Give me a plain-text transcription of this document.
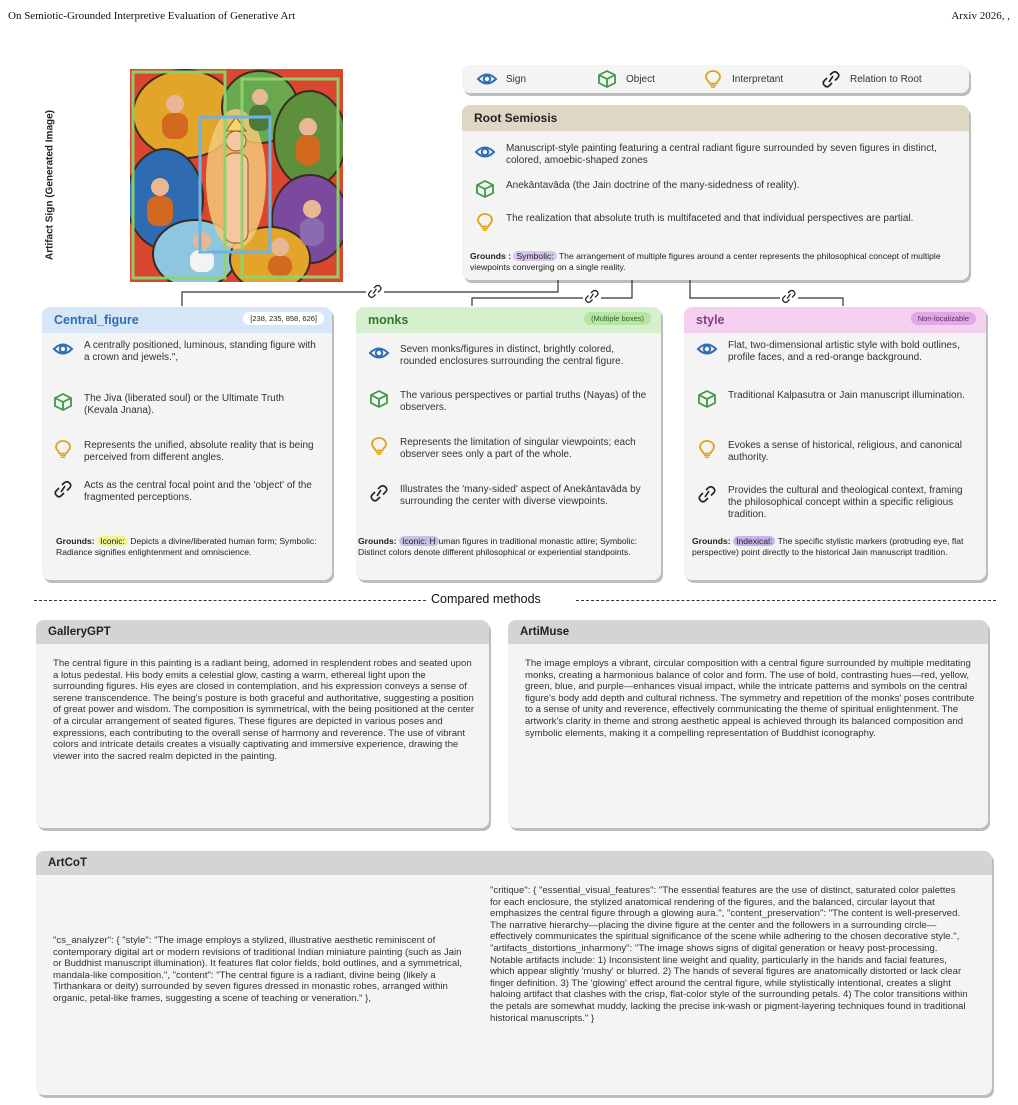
On Semiotic-Grounded Interpretive Evaluation of Generative Art	Arxiv 2026, ,
Artifact Sign (Generated Image)
Sign	Object	Interpretant	Relation to Root
Root Semiosis
Manuscript-style painting featuring a central radiant figure surrounded by seven figures in distinct, colored, amoebic-shaped zones
Anekāntavāda (the Jain doctrine of the many-sidedness of reality).
The realization that absolute truth is multifaceted and that individual perspectives are partial.
Grounds : Symbolic: The arrangement of multiple figures around a center represents the philosophical concept of multiple viewpoints converging on a single reality.
Central_figure	[238, 235, 858, 626]
A centrally positioned, luminous, standing figure with a crown and jewels.",
The Jiva (liberated soul) or the Ultimate Truth (Kevala Jnana).
Represents the unified, absolute reality that is being perceived from different angles.
Acts as the central focal point and the 'object' of the fragmented perceptions.
Grounds: Iconic: Depicts a divine/liberated human form; Symbolic: Radiance signifies enlightenment and omniscience.
monks	(Multiple boxes)
Seven monks/figures in distinct, brightly colored, rounded enclosures surrounding the central figure.
The various perspectives or partial truths (Nayas) of the observers.
Represents the limitation of singular viewpoints; each observer sees only a part of the whole.
Illustrates the 'many-sided' aspect of Anekāntavāda by surrounding the center with diverse viewpoints.
Grounds: Iconic: H uman figures in traditional monastic attire; Symbolic: Distinct colors denote different philosophical or experiential standpoints.
style	Non-localizable
Flat, two-dimensional artistic style with bold outlines, profile faces, and a red-orange background.
Traditional Kalpasutra or Jain manuscript illumination.
Evokes a sense of historical, religious, and canonical authority.
Provides the cultural and theological context, framing the philosophical concept within a specific religious tradition.
Grounds: Indexical: The specific stylistic markers (protruding eye, flat perspective) point directly to the historical Jain manuscript tradition.
Compared methods
GalleryGPT
The central figure in this painting is a radiant being, adorned in resplendent robes and seated upon a lotus pedestal. His body emits a celestial glow, casting a warm, ethereal light upon the surrounding figures. His eyes are closed in contemplation, and his expression conveys a sense of serene transcendence. The being's posture is both graceful and authoritative, suggesting a position of great power and wisdom. The composition is symmetrical, with the being positioned at the center of a circular arrangement of seated figures. These figures are depicted in various poses and expressions, each contributing to the overall sense of harmony and reverence. The use of vibrant colors and intricate details creates a visually captivating and immersive experience, drawing the viewer into the sacred realm depicted in the painting.
ArtiMuse
The image employs a vibrant, circular composition with a central figure surrounded by multiple meditating monks, creating a harmonious balance of color and form. The use of bold, contrasting hues—red, yellow, green, blue, and purple—enhances visual impact, while the intricate patterns and symbols on the central figure's body add depth and cultural richness. The symmetry and repetition of the monks' poses contribute to a sense of unity and reverence, effectively communicating the theme of spiritual enlightenment. The artwork's clarity in theme and strong aesthetic appeal is achieved through its balanced composition and symbolic elements, making it a compelling representation of Buddhist iconography.
ArtCoT
"cs_analyzer": { "style": "The image employs a stylized, illustrative aesthetic reminiscent of contemporary digital art or modern revisions of traditional Indian miniature painting (such as Jain or Buddhist manuscript illumination). It features flat color fields, bold outlines, and a symmetrical, mandala-like composition.", "content": "The central figure is a radiant, divine being (likely a Tirthankara or deity) surrounded by seven figures dressed in monastic robes, arranged within organic, petal-like frames, suggesting a scene of teaching or veneration." },
"critique": { "essential_visual_features": "The essential features are the use of distinct, saturated color palettes for each enclosure, the stylized anatomical rendering of the figures, and the balanced, circular layout that emphasizes the central figure through a glowing aura.", "content_preservation": "The content is well-preserved. The narrative hierarchy—placing the divine figure at the center and the followers in a surrounding circle—effectively communicates the spiritual significance of the scene while adhering to the chosen decorative style.", "artifacts_distortions_inharmony": "The image shows signs of digital generation or heavy post-processing. Notable artifacts include: 1) Inconsistent line weight and quality, particularly in the hands and facial features, which appear slightly 'mushy' or blurred. 2) The hands of several figures are anatomically distorted or lack clear finger definition. 3) The 'glowing' effect around the central figure, while stylistically intentional, creates a slight haloing artifact that clashes with the crisp, flat-color style of the surrounding petals. 4) The color transitions within the petals are somewhat muddy, lacking the precise ink-wash or pigment-layering techniques found in traditional historical manuscripts." }
